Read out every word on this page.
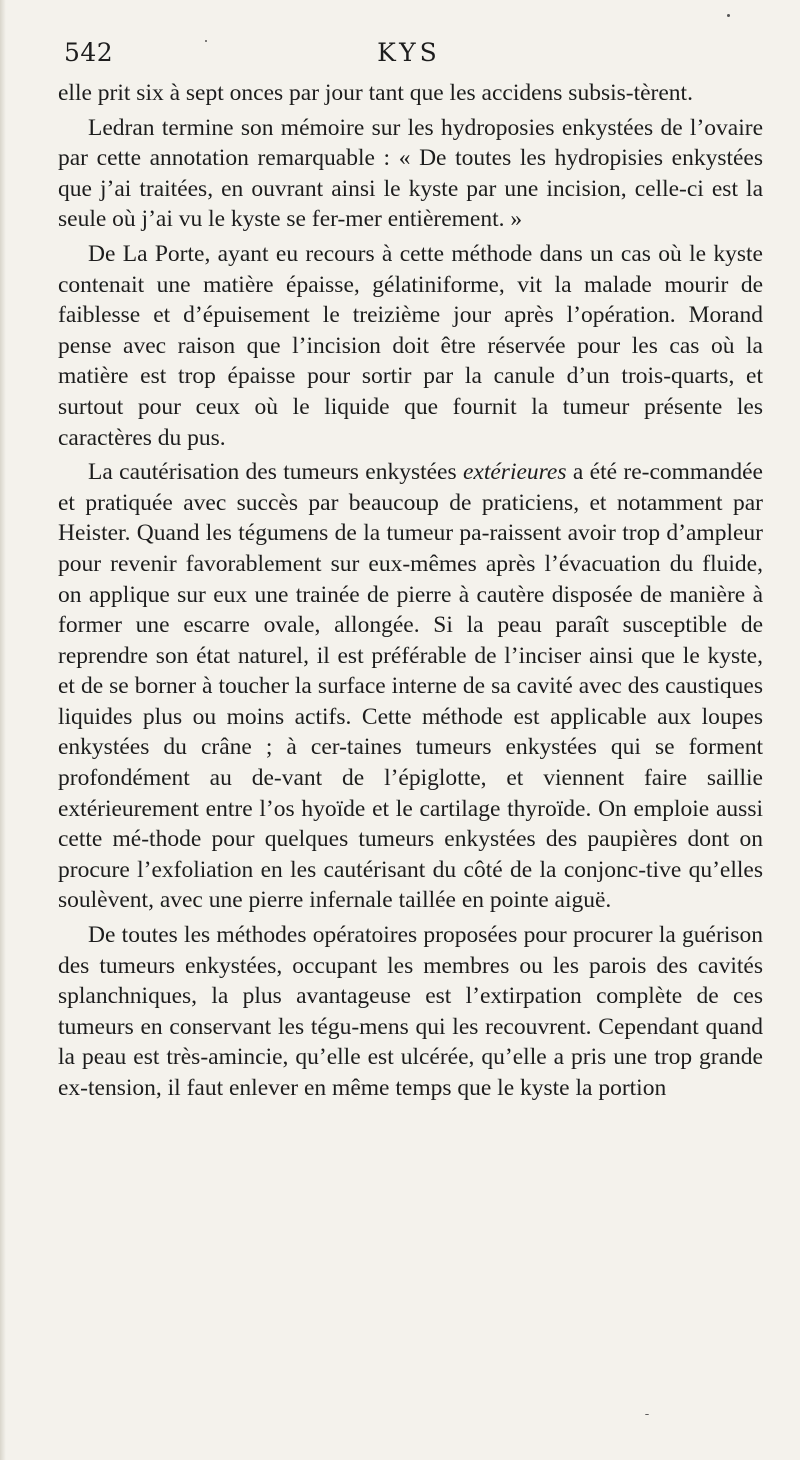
542	KYS

elle prit six à sept onces par jour tant que les accidens subsis-tèrent.

Ledran termine son mémoire sur les hydroposies enkystées de l’ovaire par cette annotation remarquable : « De toutes les hydropisies enkystées que j’ai traitées, en ouvrant ainsi le kyste par une incision, celle-ci est la seule où j’ai vu le kyste se fer-mer entièrement. »

De La Porte, ayant eu recours à cette méthode dans un cas où le kyste contenait une matière épaisse, gélatiniforme, vit la malade mourir de faiblesse et d’épuisement le treizième jour après l’opération. Morand pense avec raison que l’incision doit être réservée pour les cas où la matière est trop épaisse pour sortir par la canule d’un trois-quarts, et surtout pour ceux où le liquide que fournit la tumeur présente les caractères du pus.

La cautérisation des tumeurs enkystées extérieures a été re-commandée et pratiquée avec succès par beaucoup de praticiens, et notamment par Heister. Quand les tégumens de la tumeur pa-raissent avoir trop d’ampleur pour revenir favorablement sur eux-mêmes après l’évacuation du fluide, on applique sur eux une trainée de pierre à cautère disposée de manière à former une escarre ovale, allongée. Si la peau paraît susceptible de reprendre son état naturel, il est préférable de l’inciser ainsi que le kyste, et de se borner à toucher la surface interne de sa cavité avec des caustiques liquides plus ou moins actifs. Cette méthode est applicable aux loupes enkystées du crâne ; à cer-taines tumeurs enkystées qui se forment profondément au de-vant de l’épiglotte, et viennent faire saillie extérieurement entre l’os hyoïde et le cartilage thyroïde. On emploie aussi cette mé-thode pour quelques tumeurs enkystées des paupières dont on procure l’exfoliation en les cautérisant du côté de la conjonc-tive qu’elles soulèvent, avec une pierre infernale taillée en pointe aiguë.

De toutes les méthodes opératoires proposées pour procurer la guérison des tumeurs enkystées, occupant les membres ou les parois des cavités splanchniques, la plus avantageuse est l’extirpation complète de ces tumeurs en conservant les tégu-mens qui les recouvrent. Cependant quand la peau est très-amincie, qu’elle est ulcérée, qu’elle a pris une trop grande ex-tension, il faut enlever en même temps que le kyste la portion
